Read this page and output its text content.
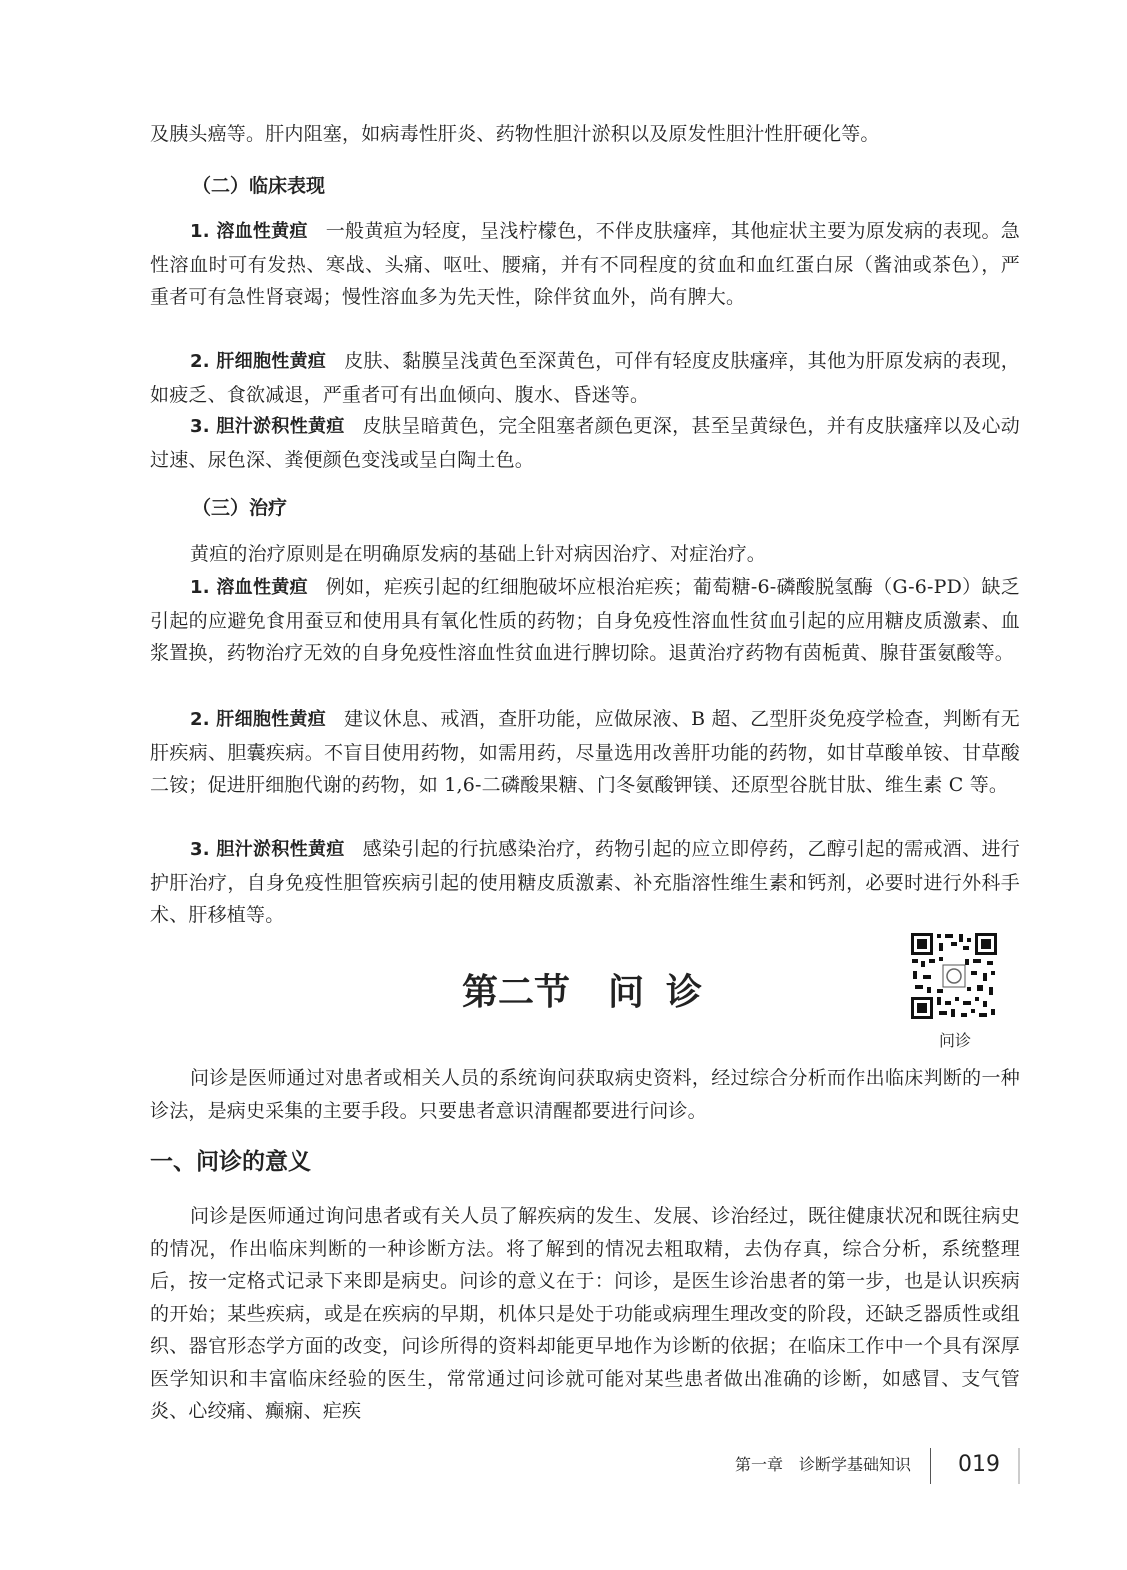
及胰头癌等。肝内阻塞，如病毒性肝炎、药物性胆汁淤积以及原发性胆汁性肝硬化等。

（二）临床表现

1. 溶血性黄疸 一般黄疸为轻度，呈浅柠檬色，不伴皮肤瘙痒，其他症状主要为原发病的表现。急性溶血时可有发热、寒战、头痛、呕吐、腰痛，并有不同程度的贫血和血红蛋白尿（酱油或茶色），严重者可有急性肾衰竭；慢性溶血多为先天性，除伴贫血外，尚有脾大。

2. 肝细胞性黄疸 皮肤、黏膜呈浅黄色至深黄色，可伴有轻度皮肤瘙痒，其他为肝原发病的表现，如疲乏、食欲减退，严重者可有出血倾向、腹水、昏迷等。

3. 胆汁淤积性黄疸 皮肤呈暗黄色，完全阻塞者颜色更深，甚至呈黄绿色，并有皮肤瘙痒以及心动过速、尿色深、粪便颜色变浅或呈白陶土色。

（三）治疗

黄疸的治疗原则是在明确原发病的基础上针对病因治疗、对症治疗。

1. 溶血性黄疸 例如，疟疾引起的红细胞破坏应根治疟疾；葡萄糖-6-磷酸脱氢酶（G-6-PD）缺乏引起的应避免食用蚕豆和使用具有氧化性质的药物；自身免疫性溶血性贫血引起的应用糖皮质激素、血浆置换，药物治疗无效的自身免疫性溶血性贫血进行脾切除。退黄治疗药物有茵栀黄、腺苷蛋氨酸等。

2. 肝细胞性黄疸 建议休息、戒酒，查肝功能，应做尿液、B 超、乙型肝炎免疫学检查，判断有无肝疾病、胆囊疾病。不盲目使用药物，如需用药，尽量选用改善肝功能的药物，如甘草酸单铵、甘草酸二铵；促进肝细胞代谢的药物，如 1,6-二磷酸果糖、门冬氨酸钾镁、还原型谷胱甘肽、维生素 C 等。

3. 胆汁淤积性黄疸 感染引起的行抗感染治疗，药物引起的应立即停药，乙醇引起的需戒酒、进行护肝治疗，自身免疫性胆管疾病引起的使用糖皮质激素、补充脂溶性维生素和钙剂，必要时进行外科手术、肝移植等。

第二节 问 诊
问诊

问诊是医师通过对患者或相关人员的系统询问获取病史资料，经过综合分析而作出临床判断的一种诊法，是病史采集的主要手段。只要患者意识清醒都要进行问诊。

一、问诊的意义

问诊是医师通过询问患者或有关人员了解疾病的发生、发展、诊治经过，既往健康状况和既往病史的情况，作出临床判断的一种诊断方法。将了解到的情况去粗取精，去伪存真，综合分析，系统整理后，按一定格式记录下来即是病史。问诊的意义在于：问诊，是医生诊治患者的第一步，也是认识疾病的开始；某些疾病，或是在疾病的早期，机体只是处于功能或病理生理改变的阶段，还缺乏器质性或组织、器官形态学方面的改变，问诊所得的资料却能更早地作为诊断的依据；在临床工作中一个具有深厚医学知识和丰富临床经验的医生，常常通过问诊就可能对某些患者做出准确的诊断，如感冒、支气管炎、心绞痛、癫痫、疟疾

第一章 诊断学基础知识 019
